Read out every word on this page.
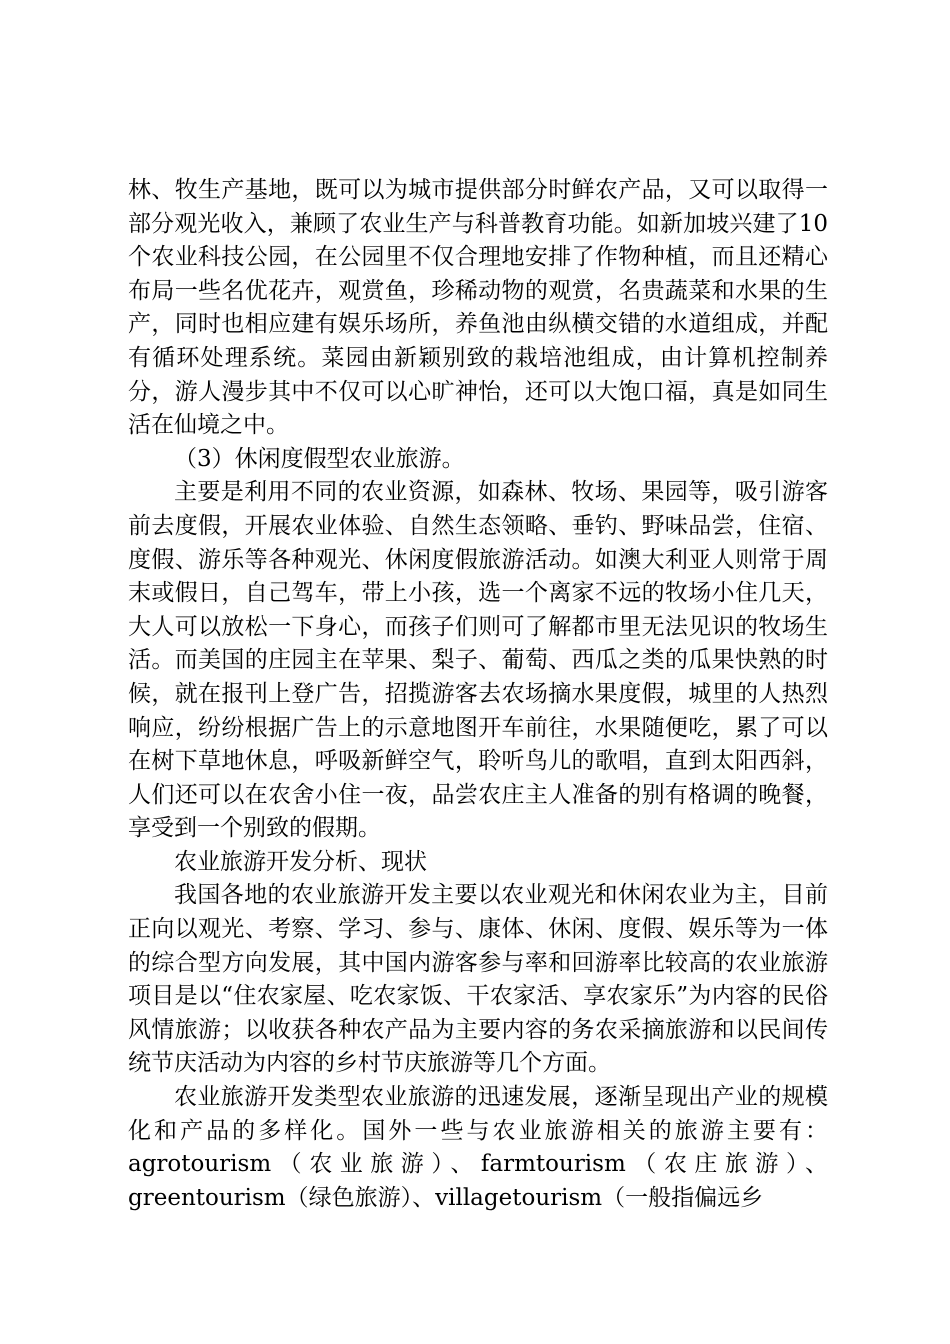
林、牧生产基地，既可以为城市提供部分时鲜农产品，又可以取得一部分观光收入，兼顾了农业生产与科普教育功能。如新加坡兴建了10个农业科技公园，在公园里不仅合理地安排了作物种植，而且还精心布局一些名优花卉，观赏鱼，珍稀动物的观赏，名贵蔬菜和水果的生产，同时也相应建有娱乐场所，养鱼池由纵横交错的水道组成，并配有循环处理系统。菜园由新颖别致的栽培池组成，由计算机控制养分，游人漫步其中不仅可以心旷神怡，还可以大饱口福，真是如同生活在仙境之中。

（3）休闲度假型农业旅游。

主要是利用不同的农业资源，如森林、牧场、果园等，吸引游客前去度假，开展农业体验、自然生态领略、垂钓、野味品尝，住宿、度假、游乐等各种观光、休闲度假旅游活动。如澳大利亚人则常于周末或假日，自己驾车，带上小孩，选一个离家不远的牧场小住几天，大人可以放松一下身心，而孩子们则可了解都市里无法见识的牧场生活。而美国的庄园主在苹果、梨子、葡萄、西瓜之类的瓜果快熟的时候，就在报刊上登广告，招揽游客去农场摘水果度假，城里的人热烈响应，纷纷根据广告上的示意地图开车前往，水果随便吃，累了可以在树下草地休息，呼吸新鲜空气，聆听鸟儿的歌唱，直到太阳西斜，人们还可以在农舍小住一夜，品尝农庄主人准备的别有格调的晚餐，享受到一个别致的假期。

农业旅游开发分析、现状

我国各地的农业旅游开发主要以农业观光和休闲农业为主，目前正向以观光、考察、学习、参与、康体、休闲、度假、娱乐等为一体的综合型方向发展，其中国内游客参与率和回游率比较高的农业旅游项目是以“住农家屋、吃农家饭、干农家活、享农家乐”为内容的民俗风情旅游；以收获各种农产品为主要内容的务农采摘旅游和以民间传统节庆活动为内容的乡村节庆旅游等几个方面。

农业旅游开发类型农业旅游的迅速发展，逐渐呈现出产业的规模化和产品的多样化。国外一些与农业旅游相关的旅游主要有：agrotourism（农业旅游）、farmtourism（农庄旅游）、greentourism（绿色旅游）、villagetourism（一般指偏远乡
